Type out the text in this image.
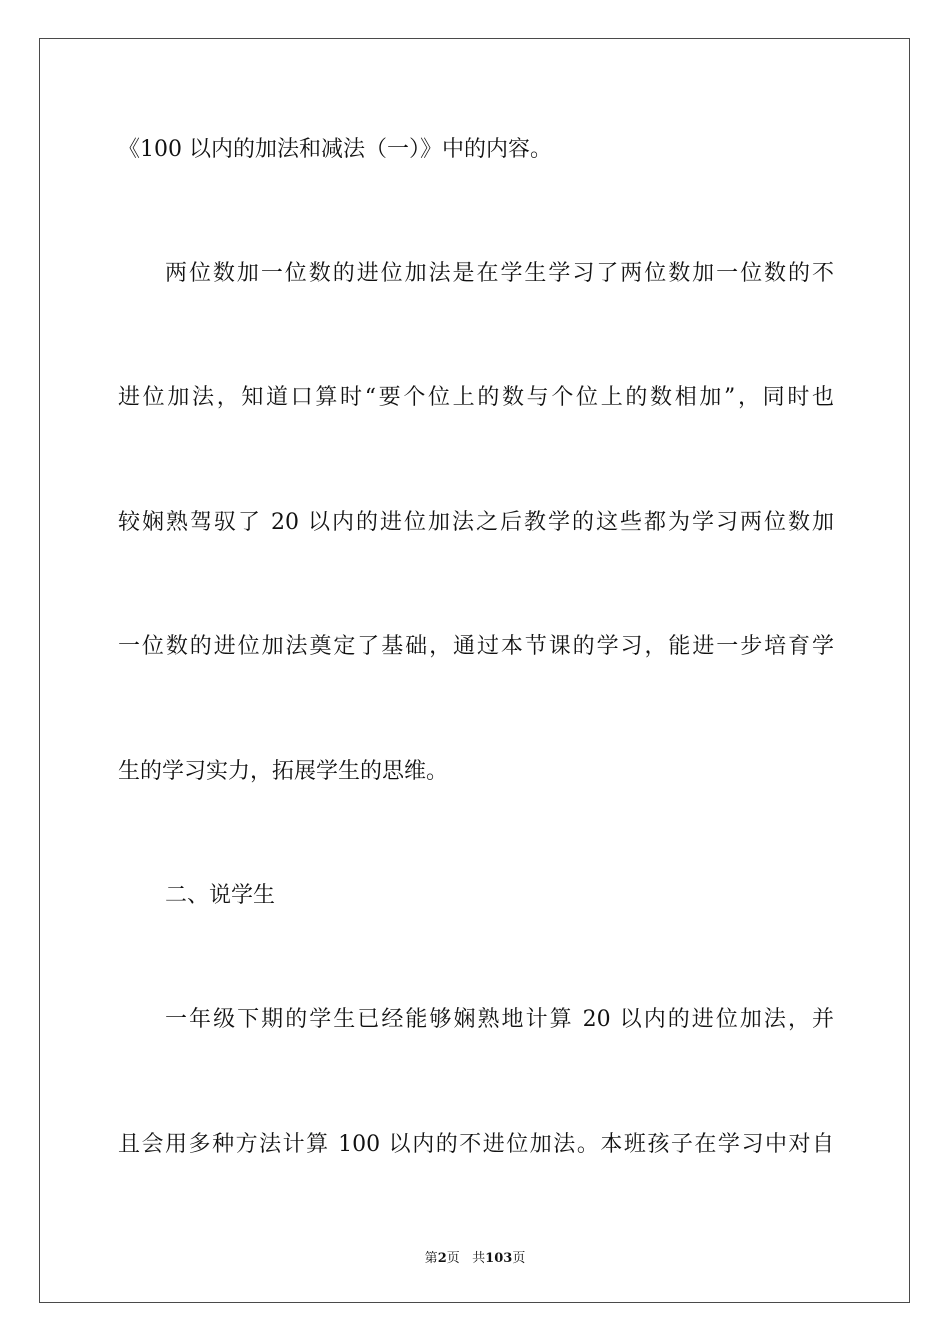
《100 以内的加法和减法（一）》中的内容。
两位数加一位数的进位加法是在学生学习了两位数加一位数的不
进位加法，知道口算时“要个位上的数与个位上的数相加”，同时也
较娴熟驾驭了 20 以内的进位加法之后教学的这些都为学习两位数加
一位数的进位加法奠定了基础，通过本节课的学习，能进一步培育学
生的学习实力，拓展学生的思维。
二、说学生
一年级下期的学生已经能够娴熟地计算 20 以内的进位加法，并
且会用多种方法计算 100 以内的不进位加法。本班孩子在学习中对自
第2页 共103页
